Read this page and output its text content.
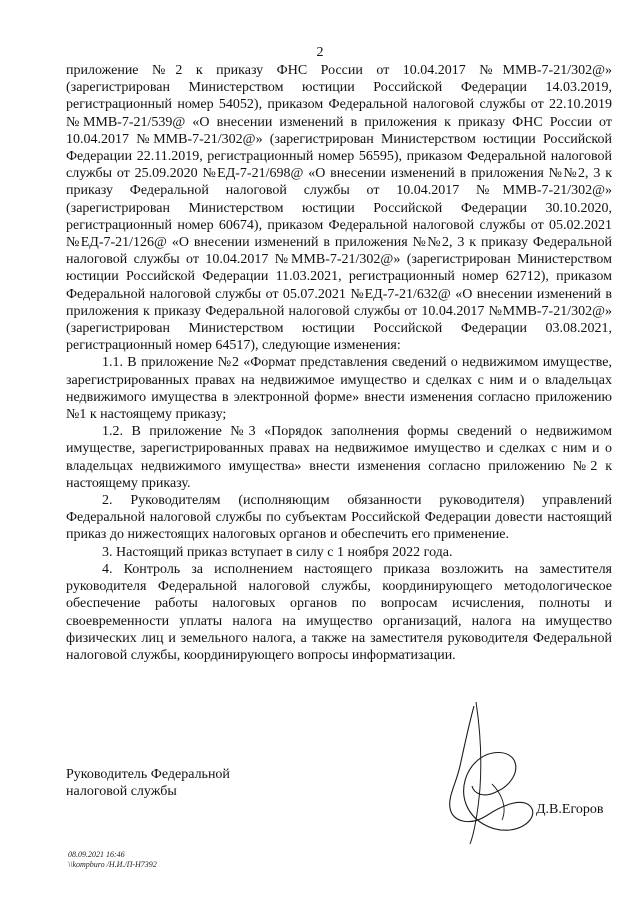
2

приложение №2 к приказу ФНС России от 10.04.2017 №ММВ-7-21/302@» (зарегистрирован Министерством юстиции Российской Федерации 14.03.2019, регистрационный номер 54052), приказом Федеральной налоговой службы от 22.10.2019 №ММВ-7-21/539@ «О внесении изменений в приложения к приказу ФНС России от 10.04.2017 №ММВ-7-21/302@» (зарегистрирован Министерством юстиции Российской Федерации 22.11.2019, регистрационный номер 56595), приказом Федеральной налоговой службы от 25.09.2020 №ЕД-7-21/698@ «О внесении изменений в приложения №№2, 3 к приказу Федеральной налоговой службы от 10.04.2017 №ММВ-7-21/302@» (зарегистрирован Министерством юстиции Российской Федерации 30.10.2020, регистрационный номер 60674), приказом Федеральной налоговой службы от 05.02.2021 №ЕД-7-21/126@ «О внесении изменений в приложения №№2, 3 к приказу Федеральной налоговой службы от 10.04.2017 №ММВ-7-21/302@» (зарегистрирован Министерством юстиции Российской Федерации 11.03.2021, регистрационный номер 62712), приказом Федеральной налоговой службы от 05.07.2021 №ЕД-7-21/632@ «О внесении изменений в приложения к приказу Федеральной налоговой службы от 10.04.2017 №ММВ-7-21/302@» (зарегистрирован Министерством юстиции Российской Федерации 03.08.2021, регистрационный номер 64517), следующие изменения:

1.1. В приложение №2 «Формат представления сведений о недвижимом имуществе, зарегистрированных правах на недвижимое имущество и сделках с ним и о владельцах недвижимого имущества в электронной форме» внести изменения согласно приложению №1 к настоящему приказу;

1.2. В приложение №3 «Порядок заполнения формы сведений о недвижимом имуществе, зарегистрированных правах на недвижимое имущество и сделках с ним и о владельцах недвижимого имущества» внести изменения согласно приложению №2 к настоящему приказу.

2. Руководителям (исполняющим обязанности руководителя) управлений Федеральной налоговой службы по субъектам Российской Федерации довести настоящий приказ до нижестоящих налоговых органов и обеспечить его применение.

3. Настоящий приказ вступает в силу с 1 ноября 2022 года.

4. Контроль за исполнением настоящего приказа возложить на заместителя руководителя Федеральной налоговой службы, координирующего методологическое обеспечение работы налоговых органов по вопросам исчисления, полноты и своевременности уплаты налога на имущество организаций, налога на имущество физических лиц и земельного налога, а также на заместителя руководителя Федеральной налоговой службы, координирующего вопросы информатизации.

Руководитель Федеральной
налоговой службы
Д.В.Егоров
08.09.2021 16:46
\\kompburo /Н.И./П-Н7392
